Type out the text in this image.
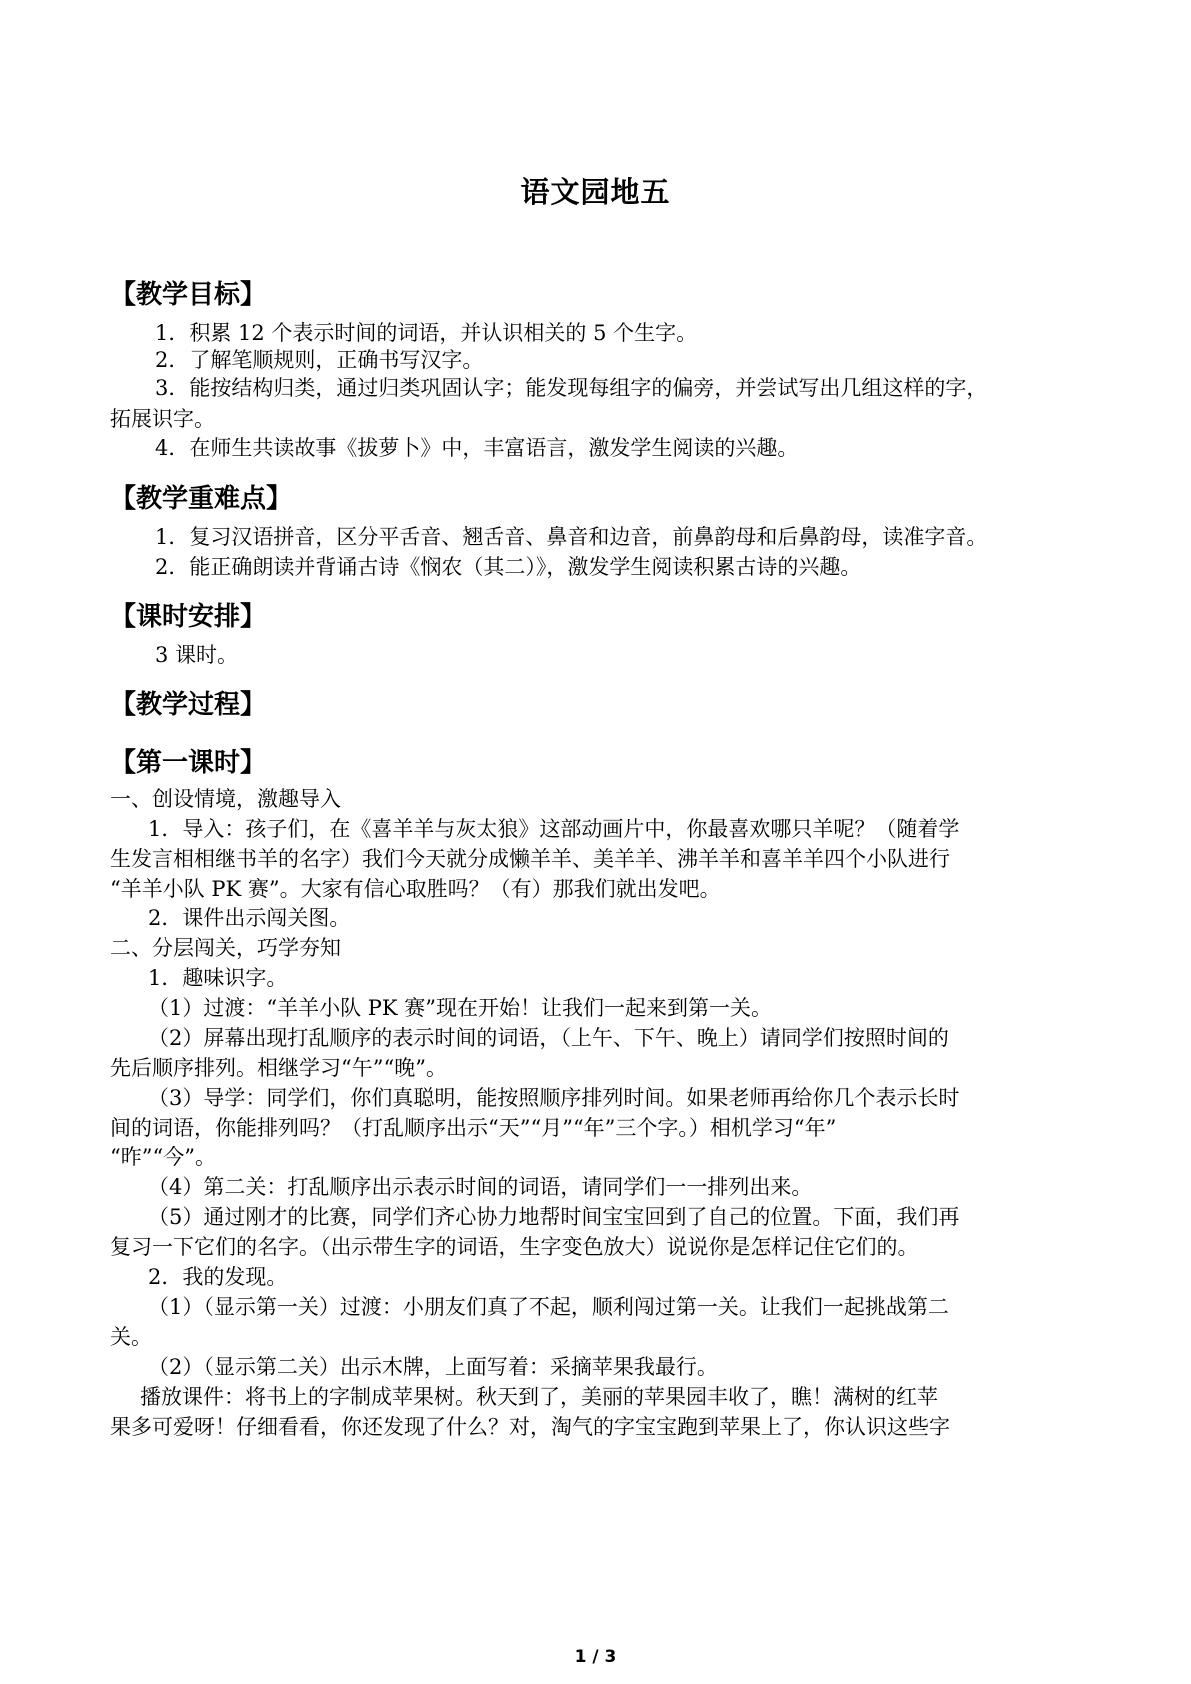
语文园地五
【教学目标】
1．积累 12 个表示时间的词语，并认识相关的 5 个生字。
2．了解笔顺规则，正确书写汉字。
3．能按结构归类，通过归类巩固认字；能发现每组字的偏旁，并尝试写出几组这样的字，
拓展识字。
4．在师生共读故事《拔萝卜》中，丰富语言，激发学生阅读的兴趣。
【教学重难点】
1．复习汉语拼音，区分平舌音、翘舌音、鼻音和边音，前鼻韵母和后鼻韵母，读准字音。
2．能正确朗读并背诵古诗《悯农（其二）》，激发学生阅读积累古诗的兴趣。
【课时安排】
3 课时。
【教学过程】
【第一课时】
一、创设情境，激趣导入
1．导入：孩子们，在《喜羊羊与灰太狼》这部动画片中，你最喜欢哪只羊呢？（随着学
生发言相相继书羊的名字）我们今天就分成懒羊羊、美羊羊、沸羊羊和喜羊羊四个小队进行
“羊羊小队 PK 赛”。大家有信心取胜吗？（有）那我们就出发吧。
2．课件出示闯关图。
二、分层闯关，巧学夯知
1．趣味识字。
（1）过渡：“羊羊小队 PK 赛”现在开始！让我们一起来到第一关。
（2）屏幕出现打乱顺序的表示时间的词语，（上午、下午、晚上）请同学们按照时间的
先后顺序排列。相继学习“午”“晚”。
（3）导学：同学们，你们真聪明，能按照顺序排列时间。如果老师再给你几个表示长时
间的词语，你能排列吗？（打乱顺序出示“天”“月”“年”三个字。）相机学习“年”
“昨”“今”。
（4）第二关：打乱顺序出示表示时间的词语，请同学们一一排列出来。
（5）通过刚才的比赛，同学们齐心协力地帮时间宝宝回到了自己的位置。下面，我们再
复习一下它们的名字。（出示带生字的词语，生字变色放大）说说你是怎样记住它们的。
2．我的发现。
（1）（显示第一关）过渡：小朋友们真了不起，顺利闯过第一关。让我们一起挑战第二
关。
（2）（显示第二关）出示木牌，上面写着：采摘苹果我最行。
播放课件：将书上的字制成苹果树。秋天到了，美丽的苹果园丰收了，瞧！满树的红苹
果多可爱呀！仔细看看，你还发现了什么？对，淘气的字宝宝跑到苹果上了，你认识这些字
1 / 3
